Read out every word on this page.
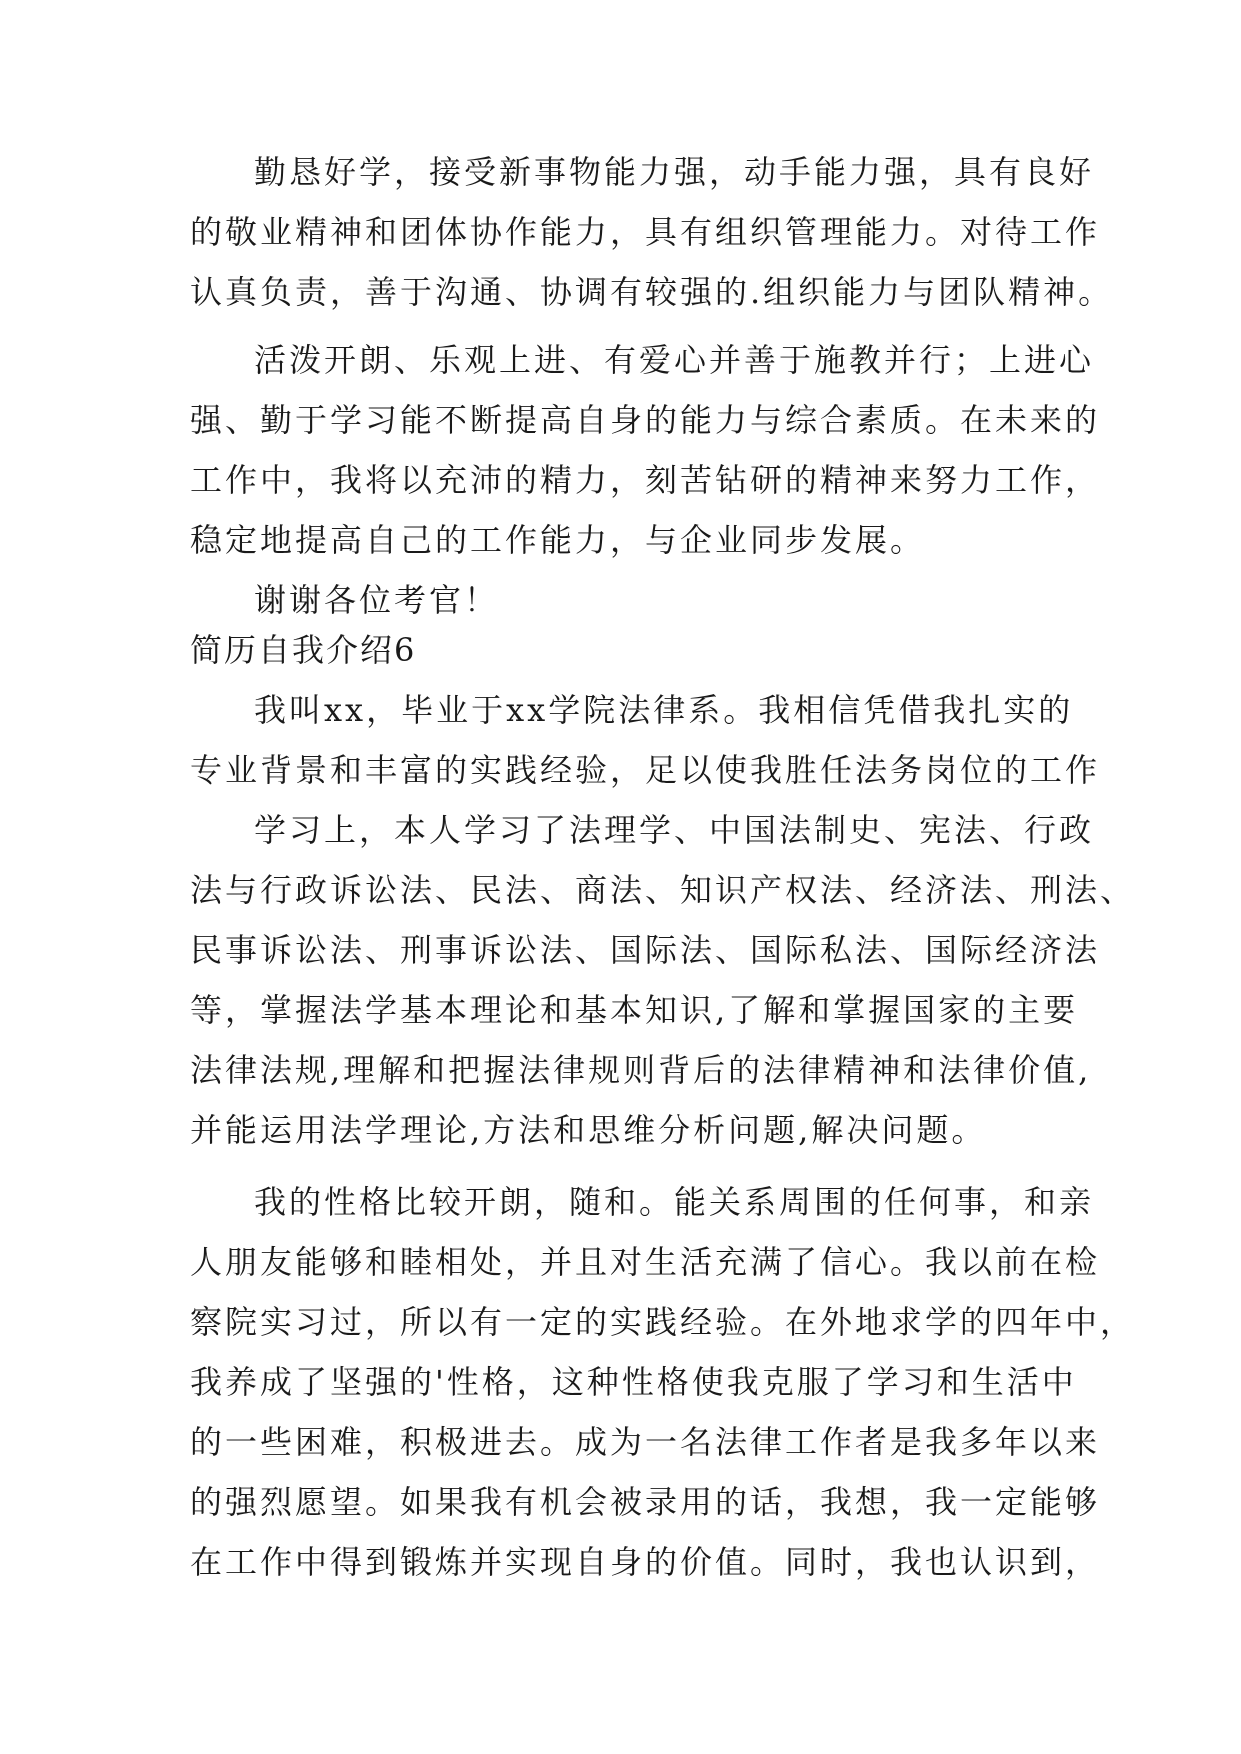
勤恳好学，接受新事物能力强，动手能力强，具有良好
的敬业精神和团体协作能力，具有组织管理能力。对待工作
认真负责，善于沟通、协调有较强的.组织能力与团队精神。
活泼开朗、乐观上进、有爱心并善于施教并行；上进心
强、勤于学习能不断提高自身的能力与综合素质。在未来的
工作中，我将以充沛的精力，刻苦钻研的精神来努力工作，
稳定地提高自己的工作能力，与企业同步发展。
谢谢各位考官！
简历自我介绍6
我叫xx，毕业于xx学院法律系。我相信凭借我扎实的
专业背景和丰富的实践经验，足以使我胜任法务岗位的工作
学习上，本人学习了法理学、中国法制史、宪法、行政
法与行政诉讼法、民法、商法、知识产权法、经济法、刑法、
民事诉讼法、刑事诉讼法、国际法、国际私法、国际经济法
等，掌握法学基本理论和基本知识,了解和掌握国家的主要
法律法规,理解和把握法律规则背后的法律精神和法律价值,
并能运用法学理论,方法和思维分析问题,解决问题。
我的性格比较开朗，随和。能关系周围的任何事，和亲
人朋友能够和睦相处，并且对生活充满了信心。我以前在检
察院实习过，所以有一定的实践经验。在外地求学的四年中，
我养成了坚强的'性格，这种性格使我克服了学习和生活中
的一些困难，积极进去。成为一名法律工作者是我多年以来
的强烈愿望。如果我有机会被录用的话，我想，我一定能够
在工作中得到锻炼并实现自身的价值。同时，我也认识到，
